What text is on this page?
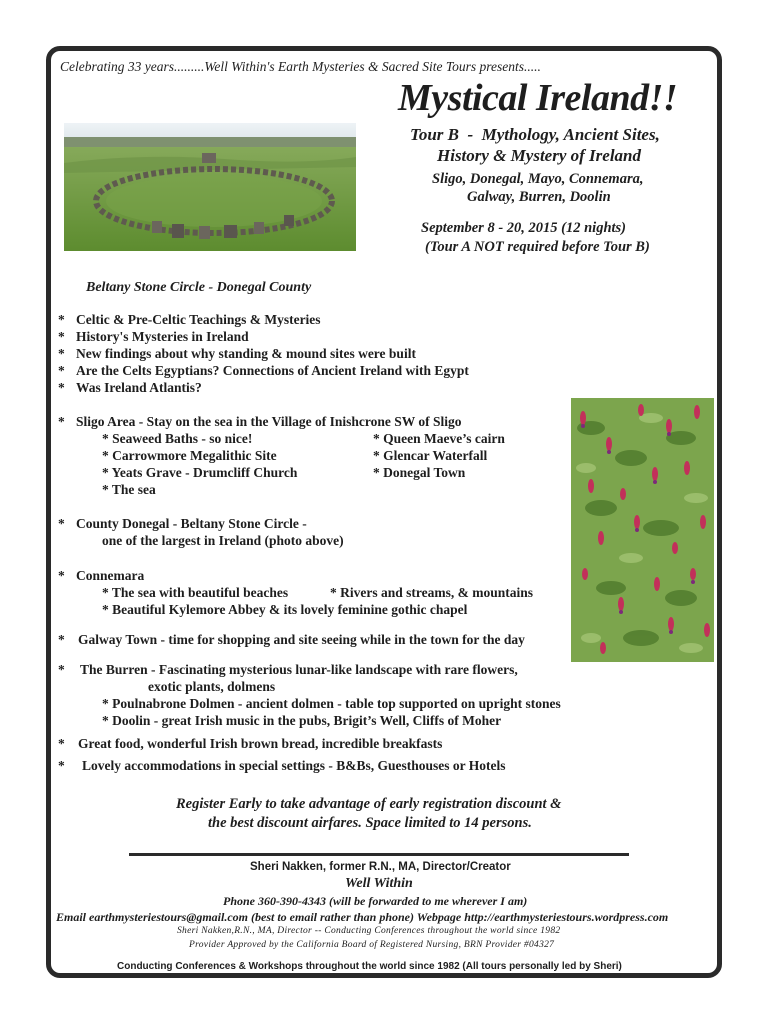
Celebrating 33 years.........Well Within's Earth Mysteries & Sacred Site Tours presents.....
Mystical Ireland!!
Tour B  -  Mythology, Ancient Sites,
History & Mystery of Ireland
Sligo, Donegal, Mayo, Connemara,
Galway, Burren, Doolin
September 8 - 20, 2015 (12 nights)
(Tour A NOT required before Tour B)
Beltany Stone Circle - Donegal County
* Celtic & Pre-Celtic Teachings & Mysteries
* History's Mysteries in Ireland
* New findings about why standing & mound sites were built
* Are the Celts Egyptians? Connections of Ancient Ireland with Egypt
* Was Ireland Atlantis?
* Sligo Area - Stay on the sea in the Village of Inishcrone SW of Sligo
* Seaweed Baths - so nice!
* Carrowmore Megalithic Site
* Yeats Grave - Drumcliff Church
* The sea
* Queen Maeve’s cairn
* Glencar Waterfall
* Donegal Town
* County Donegal - Beltany Stone Circle -
one of the largest in Ireland (photo above)
* Connemara
* The sea with beautiful beaches	* Rivers and streams, & mountains
* Beautiful Kylemore Abbey & its lovely feminine gothic chapel
* Galway Town - time for shopping and site seeing while in the town for the day
* The Burren - Fascinating mysterious lunar-like landscape with rare flowers,
exotic plants, dolmens
* Poulnabrone Dolmen - ancient dolmen - table top supported on upright stones
* Doolin - great Irish music in the pubs, Brigit’s Well, Cliffs of Moher
* Great food, wonderful Irish brown bread, incredible breakfasts
* Lovely accommodations in special settings - B&Bs, Guesthouses or Hotels
Register Early to take advantage of early registration discount &
the best discount airfares. Space limited to 14 persons.
Sheri Nakken, former R.N., MA, Director/Creator
Well Within
Phone 360-390-4343 (will be forwarded to me wherever I am)
Email earthmysteriestours@gmail.com (best to email rather than phone) Webpage http://earthmysteriestours.wordpress.com
Sheri Nakken,R.N., MA, Director -- Conducting Conferences throughout the world since 1982
Provider Approved by the California Board of Registered Nursing, BRN Provider #04327
Conducting Conferences & Workshops throughout the world since 1982 (All tours personally led by Sheri)
